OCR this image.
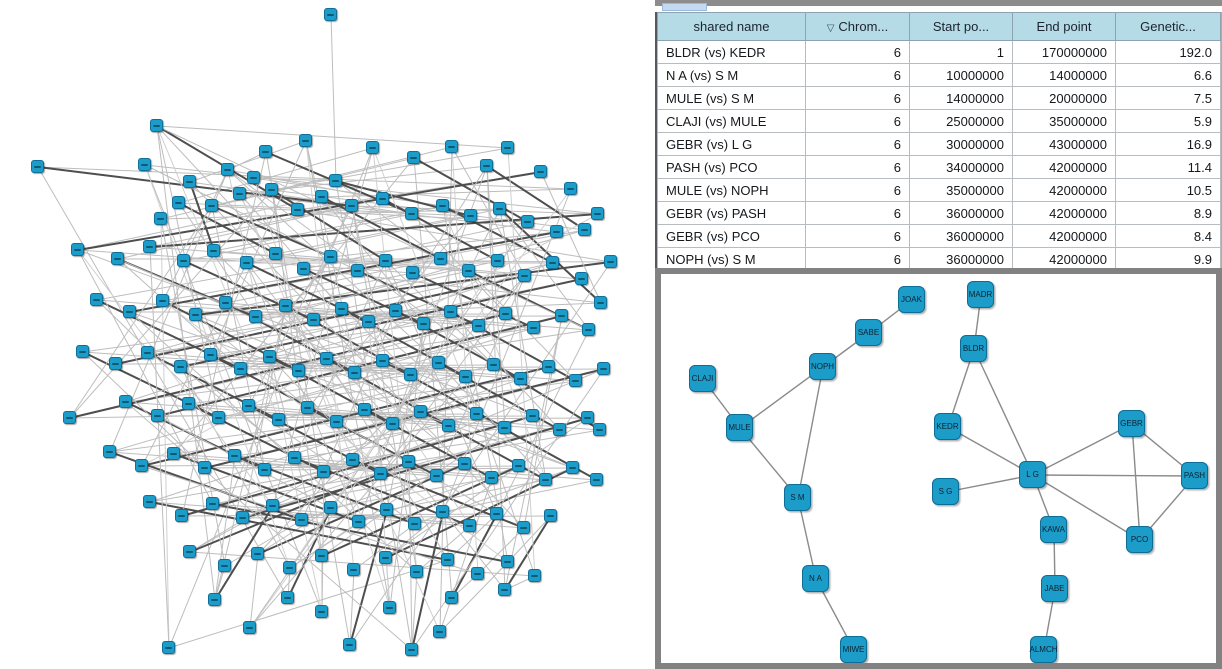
shared name	▽ Chrom...	Start po...	End point	Genetic...
BLDR (vs) KEDR	6	1	170000000	192.0
N A (vs) S M	6	10000000	14000000	6.6
MULE (vs) S M	6	14000000	20000000	7.5
CLAJI (vs) MULE	6	25000000	35000000	5.9
GEBR (vs) L G	6	30000000	43000000	16.9
PASH (vs) PCO	6	34000000	42000000	11.4
MULE (vs) NOPH	6	35000000	42000000	10.5
GEBR (vs) PASH	6	36000000	42000000	8.9
GEBR (vs) PCO	6	36000000	42000000	8.4
NOPH (vs) S M	6	36000000	42000000	9.9
JOAK
MADR
SABE
NOPH
BLDR
CLAJI
MULE	KEDR	GEBR
L G
S G
PASH
S M
KAWA
PCO
N A
JABE
ALMCH
MIWE
